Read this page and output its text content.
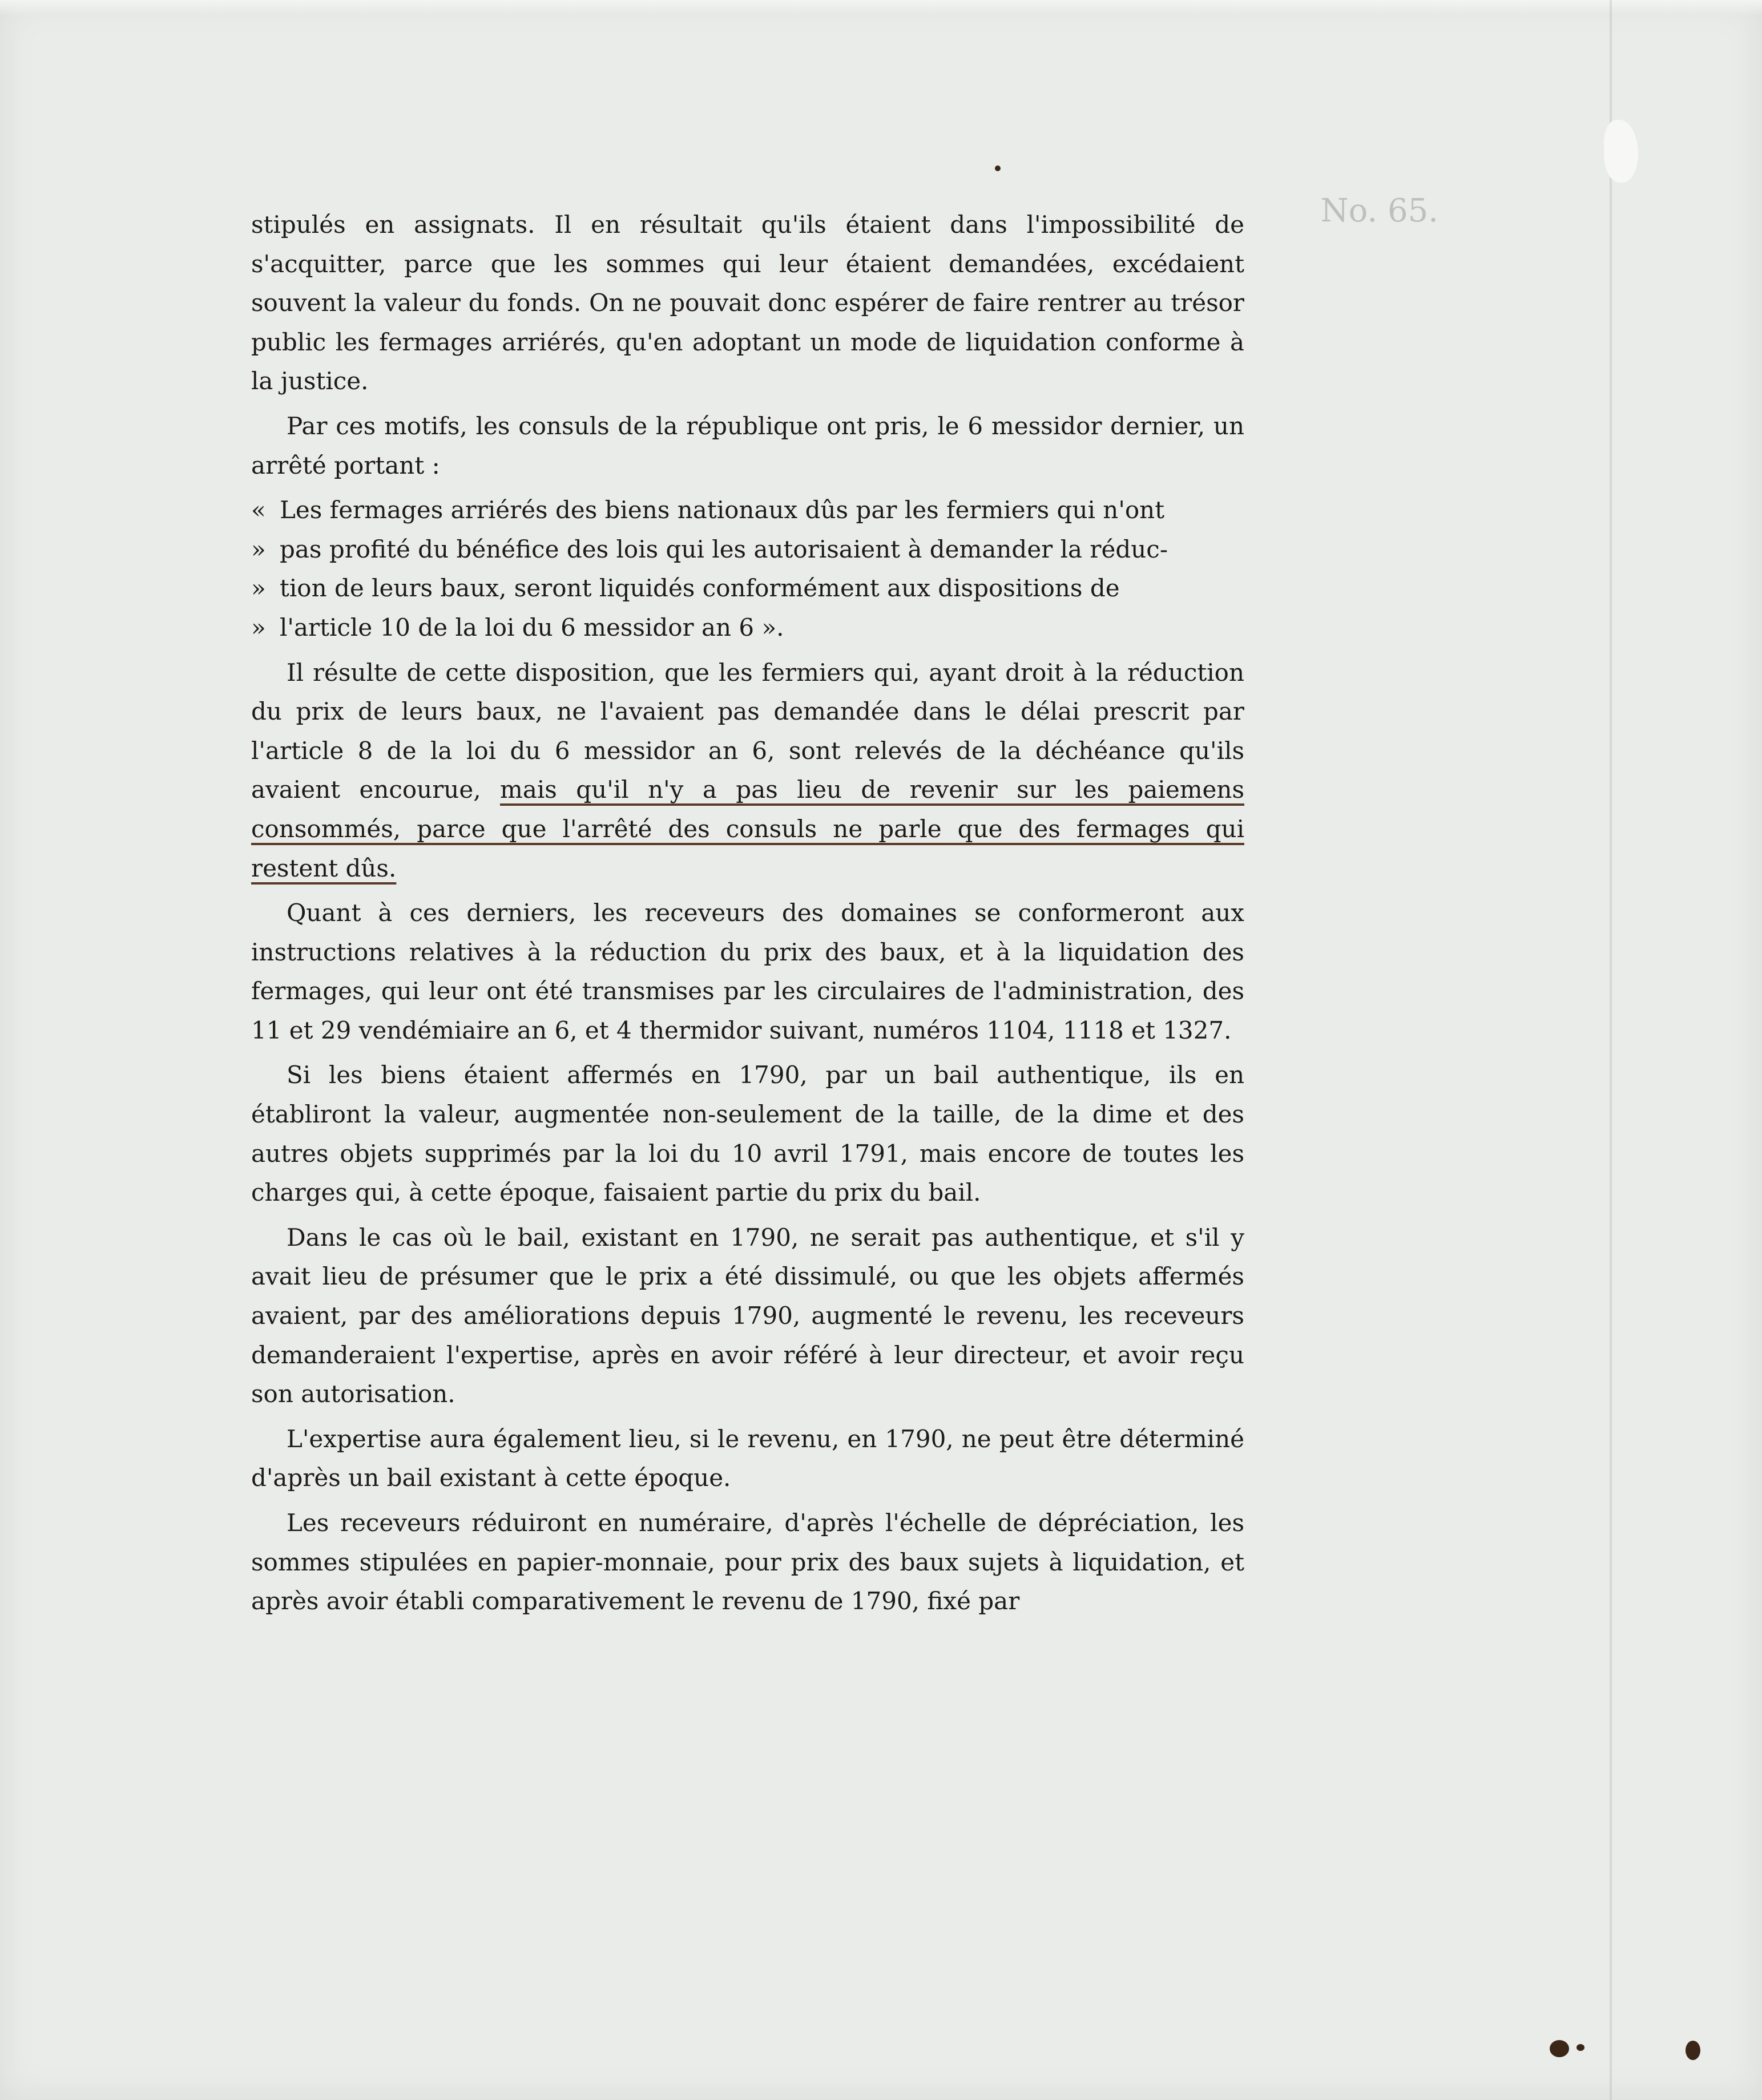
No. 65.

stipulés en assignats. Il en résultait qu'ils étaient dans l'impossibilité de s'acquitter, parce que les sommes qui leur étaient demandées, excédaient souvent la valeur du fonds. On ne pouvait donc espérer de faire rentrer au trésor public les fermages arriérés, qu'en adoptant un mode de liquidation conforme à la justice.

Par ces motifs, les consuls de la république ont pris, le 6 messidor dernier, un arrêté portant :

« Les fermages arriérés des biens nationaux dûs par les fermiers qui n'ont

» pas profité du bénéfice des lois qui les autorisaient à demander la réduc-

» tion de leurs baux, seront liquidés conformément aux dispositions de

» l'article 10 de la loi du 6 messidor an 6 ».

Il résulte de cette disposition, que les fermiers qui, ayant droit à la réduction du prix de leurs baux, ne l'avaient pas demandée dans le délai prescrit par l'article 8 de la loi du 6 messidor an 6, sont relevés de la déchéance qu'ils avaient encourue, mais qu'il n'y a pas lieu de revenir sur les paiemens consommés, parce que l'arrêté des consuls ne parle que des fermages qui restent dûs.

Quant à ces derniers, les receveurs des domaines se conformeront aux instructions relatives à la réduction du prix des baux, et à la liquidation des fermages, qui leur ont été transmises par les circulaires de l'administration, des 11 et 29 vendémiaire an 6, et 4 thermidor suivant, numéros 1104, 1118 et 1327.

Si les biens étaient affermés en 1790, par un bail authentique, ils en établiront la valeur, augmentée non-seulement de la taille, de la dime et des autres objets supprimés par la loi du 10 avril 1791, mais encore de toutes les charges qui, à cette époque, faisaient partie du prix du bail.

Dans le cas où le bail, existant en 1790, ne serait pas authentique, et s'il y avait lieu de présumer que le prix a été dissimulé, ou que les objets affermés avaient, par des améliorations depuis 1790, augmenté le revenu, les receveurs demanderaient l'expertise, après en avoir référé à leur directeur, et avoir reçu son autorisation.

L'expertise aura également lieu, si le revenu, en 1790, ne peut être déterminé d'après un bail existant à cette époque.

Les receveurs réduiront en numéraire, d'après l'échelle de dépréciation, les sommes stipulées en papier-monnaie, pour prix des baux sujets à liquidation, et après avoir établi comparativement le revenu de 1790, fixé par
